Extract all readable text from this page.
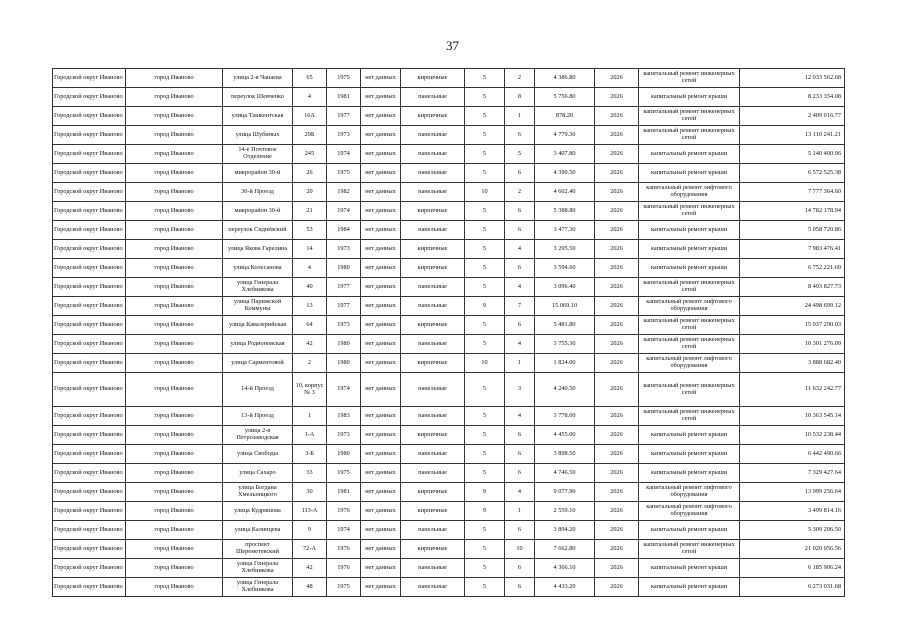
37
Городской округ Иваново	город Иваново	улица 2-я Чапаева	65	1975	нет данных	кирпичные	5	2	4 386.80	2026	капитальный ремонт инженерных сетей	12 033 562.68
Городской округ Иваново	город Иваново	переулок Шевченко	4	1981	нет данных	панельные	5	8	5 756.80	2026	капитальный ремонт крыши	8 233 354.08
Городской округ Иваново	город Иваново	улица Ташкентская	16А	1977	нет данных	кирпичные	5	1	878.20	2026	капитальный ремонт инженерных сетей	2 409 016.77
Городской округ Иваново	город Иваново	улица Шубиных	29Б	1973	нет данных	панельные	5	6	4 779.30	2026	капитальный ремонт инженерных сетей	13 110 241.21
Городской округ Иваново	город Иваново	14-е Почтовое Отделение	245	1974	нет данных	панельные	5	5	3 407.80	2026	капитальный ремонт крыши	5 140 400.96
Городской округ Иваново	город Иваново	микрорайон 30-й	26	1975	нет данных	панельные	5	6	4 390.50	2026	капитальный ремонт крыши	6 572 525.38
Городской округ Иваново	город Иваново	30-й Проезд	20	1982	нет данных	панельные	10	2	4 602.40	2026	капитальный ремонт лифтового оборудования	7 777 364.60
Городской округ Иваново	город Иваново	микрорайон 30-й	21	1974	нет данных	кирпичные	5	6	5 388.80	2026	капитальный ремонт инженерных сетей	14 782 178.94
Городской округ Иваново	город Иваново	переулок Сиднёвский	53	1984	нет данных	панельные	5	6	3 477.30	2026	капитальный ремонт крыши	5 058 720.86
Городской округ Иваново	город Иваново	улица Якова Гарелина	14	1973	нет данных	кирпичные	5	4	3 295.50	2026	капитальный ремонт крыши	7 983 476.41
Городской округ Иваново	город Иваново	улица Колесанова	4	1980	нет данных	кирпичные	5	6	3 594.60	2026	капитальный ремонт крыши	6 752 221.60
Городской округ Иваново	город Иваново	улица Генерала Хлебникова	40	1977	нет данных	панельные	5	4	3 096.40	2026	капитальный ремонт инженерных сетей	8 493 827.73
Городской округ Иваново	город Иваново	улица Парижской Коммуны	13	1977	нет данных	панельные	9	7	15 069.10	2026	капитальный ремонт лифтового оборудования	24 498 699.12
Городской округ Иваново	город Иваново	улица Кавалерийская	64	1973	нет данных	кирпичные	5	6	5 481.80	2026	капитальный ремонт инженерных сетей	15 037 290.03
Городской округ Иваново	город Иваново	улица Родионовская	42	1980	нет данных	панельные	5	4	3 755.30	2026	капитальный ремонт инженерных сетей	10 301 276.09
Городской округ Иваново	город Иваново	улица Сарментовой	2	1980	нет данных	кирпичные	10	1	1 824.00	2026	капитальный ремонт лифтового оборудования	3 888 682.40
Городской округ Иваново	город Иваново	14-й Проезд	10, корпус № 3	1974	нет данных	панельные	5	3	4 240.50	2026	капитальный ремонт инженерных сетей	11 632 242.77
Городской округ Иваново	город Иваново	13-й Проезд	1	1983	нет данных	панельные	5	4	3 778.00	2026	капитальный ремонт инженерных сетей	10 363 545.14
Городской округ Иваново	город Иваново	улица 2-я Петрозаводская	1-А	1973	нет данных	кирпичные	5	6	4 455.00	2026	капитальный ремонт крыши	10 532 238.44
Городской округ Иваново	город Иваново	улица Свободы	3-Б	1980	нет данных	панельные	5	6	3 898.50	2026	капитальный ремонт крыши	6 442 490.66
Городской округ Иваново	город Иваново	улица Сахаро	33	1975	нет данных	панельные	5	6	4 746.50	2026	капитальный ремонт крыши	7 329 427.64
Городской округ Иваново	город Иваново	улица Богдана Хмельницкого	30	1981	нет данных	кирпичные	9	4	9 077.90	2026	капитальный ремонт лифтового оборудования	13 999 256.64
Городской округ Иваново	город Иваново	улица Кудряшова	113-А	1976	нет данных	кирпичные	9	1	2 559.10	2026	капитальный ремонт лифтового оборудования	3 499 814.16
Городской округ Иваново	город Иваново	улица Калинцева	9	1974	нет данных	панельные	5	6	3 894.20	2026	капитальный ремонт крыши	5 309 206.50
Городской округ Иваново	город Иваново	проспект Шереметевский	72-А	1976	нет данных	кирпичные	5	10	7 662.80	2026	капитальный ремонт инженерных сетей	21 020 056.56
Городской округ Иваново	город Иваново	улица Генерала Хлебникова	42	1976	нет данных	панельные	5	6	4 366.10	2026	капитальный ремонт крыши	6 185 906.24
Городской округ Иваново	город Иваново	улица Генерала Хлебникова	48	1975	нет данных	панельные	5	6	4 433.20	2026	капитальный ремонт крыши	6 273 031.68
